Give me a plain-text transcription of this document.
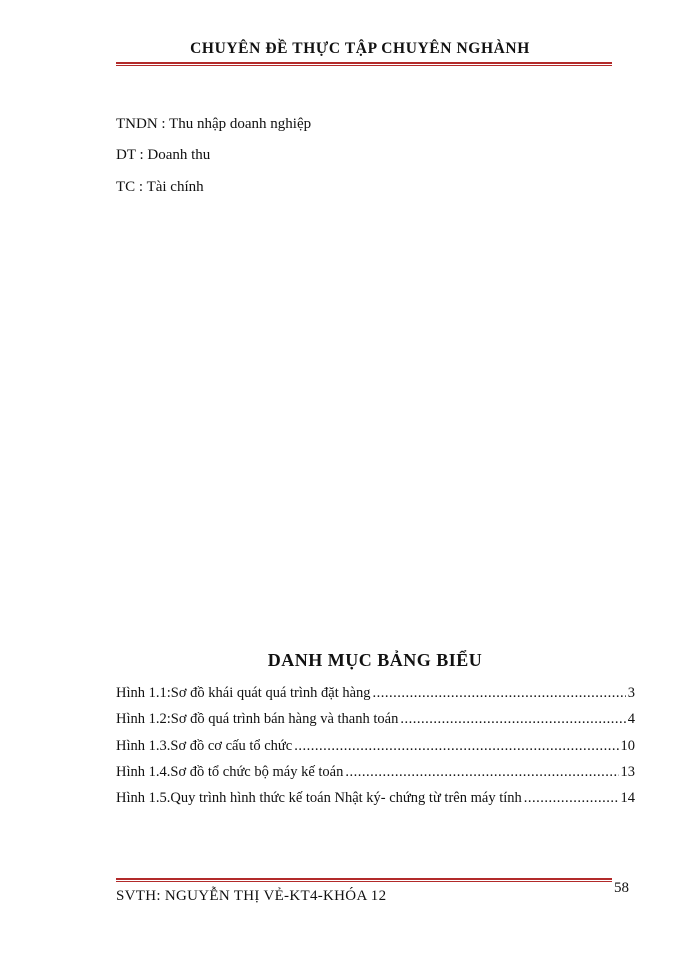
CHUYÊN ĐỀ THỰC TẬP CHUYÊN NGHÀNH
TNDN : Thu nhập doanh nghiệp
DT : Doanh thu
TC : Tài chính
DANH MỤC BẢNG BIỂU
Hình 1.1:Sơ đồ khái quát quá trình đặt hàng .....	3
Hình 1.2:Sơ đồ quá trình bán hàng và thanh toán .....	4
Hình 1.3.Sơ đồ cơ cấu tổ chức .....	10
Hình 1.4.Sơ đồ tổ chức bộ máy kế toán .....	13
Hình 1.5.Quy trình hình thức kế toán Nhật ký- chứng từ trên máy tính .....	14
SVTH: NGUYỄN THỊ VẺ-KT4-KHÓA 12	58
